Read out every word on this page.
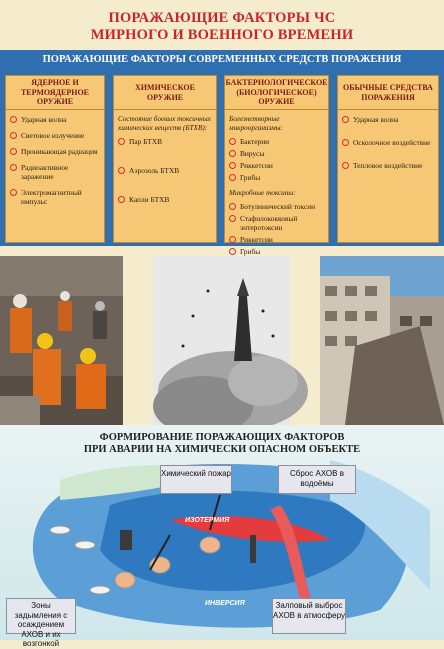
ПОРАЖАЮЩИЕ ФАКТОРЫ ЧС
МИРНОГО И ВОЕННОГО ВРЕМЕНИ
ПОРАЖАЮЩИЕ ФАКТОРЫ СОВРЕМЕННЫХ СРЕДСТВ ПОРАЖЕНИЯ
ЯДЕРНОЕ И ТЕРМОЯДЕРНОЕ ОРУЖИЕ
Ударная волна
Световое излучение
Проникающая радиация
Радиоактивное заражение
Электромагнитный импульс
ХИМИЧЕСКОЕ ОРУЖИЕ
Состояние боевых токсичных химических веществ (БТХВ):
Пар БТХВ
Аэрозоль БТХВ
Капли БТХВ
БАКТЕРИОЛОГИЧЕСКОЕ (БИОЛОГИЧЕСКОЕ) ОРУЖИЕ
Болезнетворные микроорганизмы:
Бактерии
Вирусы
Риккетсии
Грибы
Микробные токсины:
Ботулинический токсин
Стафилококковый энтеротоксин
Риккетсии
Грибы
ОБЫЧНЫЕ СРЕДСТВА ПОРАЖЕНИЯ
Ударная волна
Осколочное воздействие
Тепловое воздействие
ИЗОТЕРМИЯ
ИНВЕРСИЯ
ФОРМИРОВАНИЕ ПОРАЖАЮЩИХ ФАКТОРОВ
ПРИ АВАРИИ НА ХИМИЧЕСКИ ОПАСНОМ ОБЪЕКТЕ
Химический пожар	Сброс АХОВ в водоёмы
Зоны задымления с осаждением АХОВ и их возгонкой
Залповый выброс АХОВ в атмосферу
